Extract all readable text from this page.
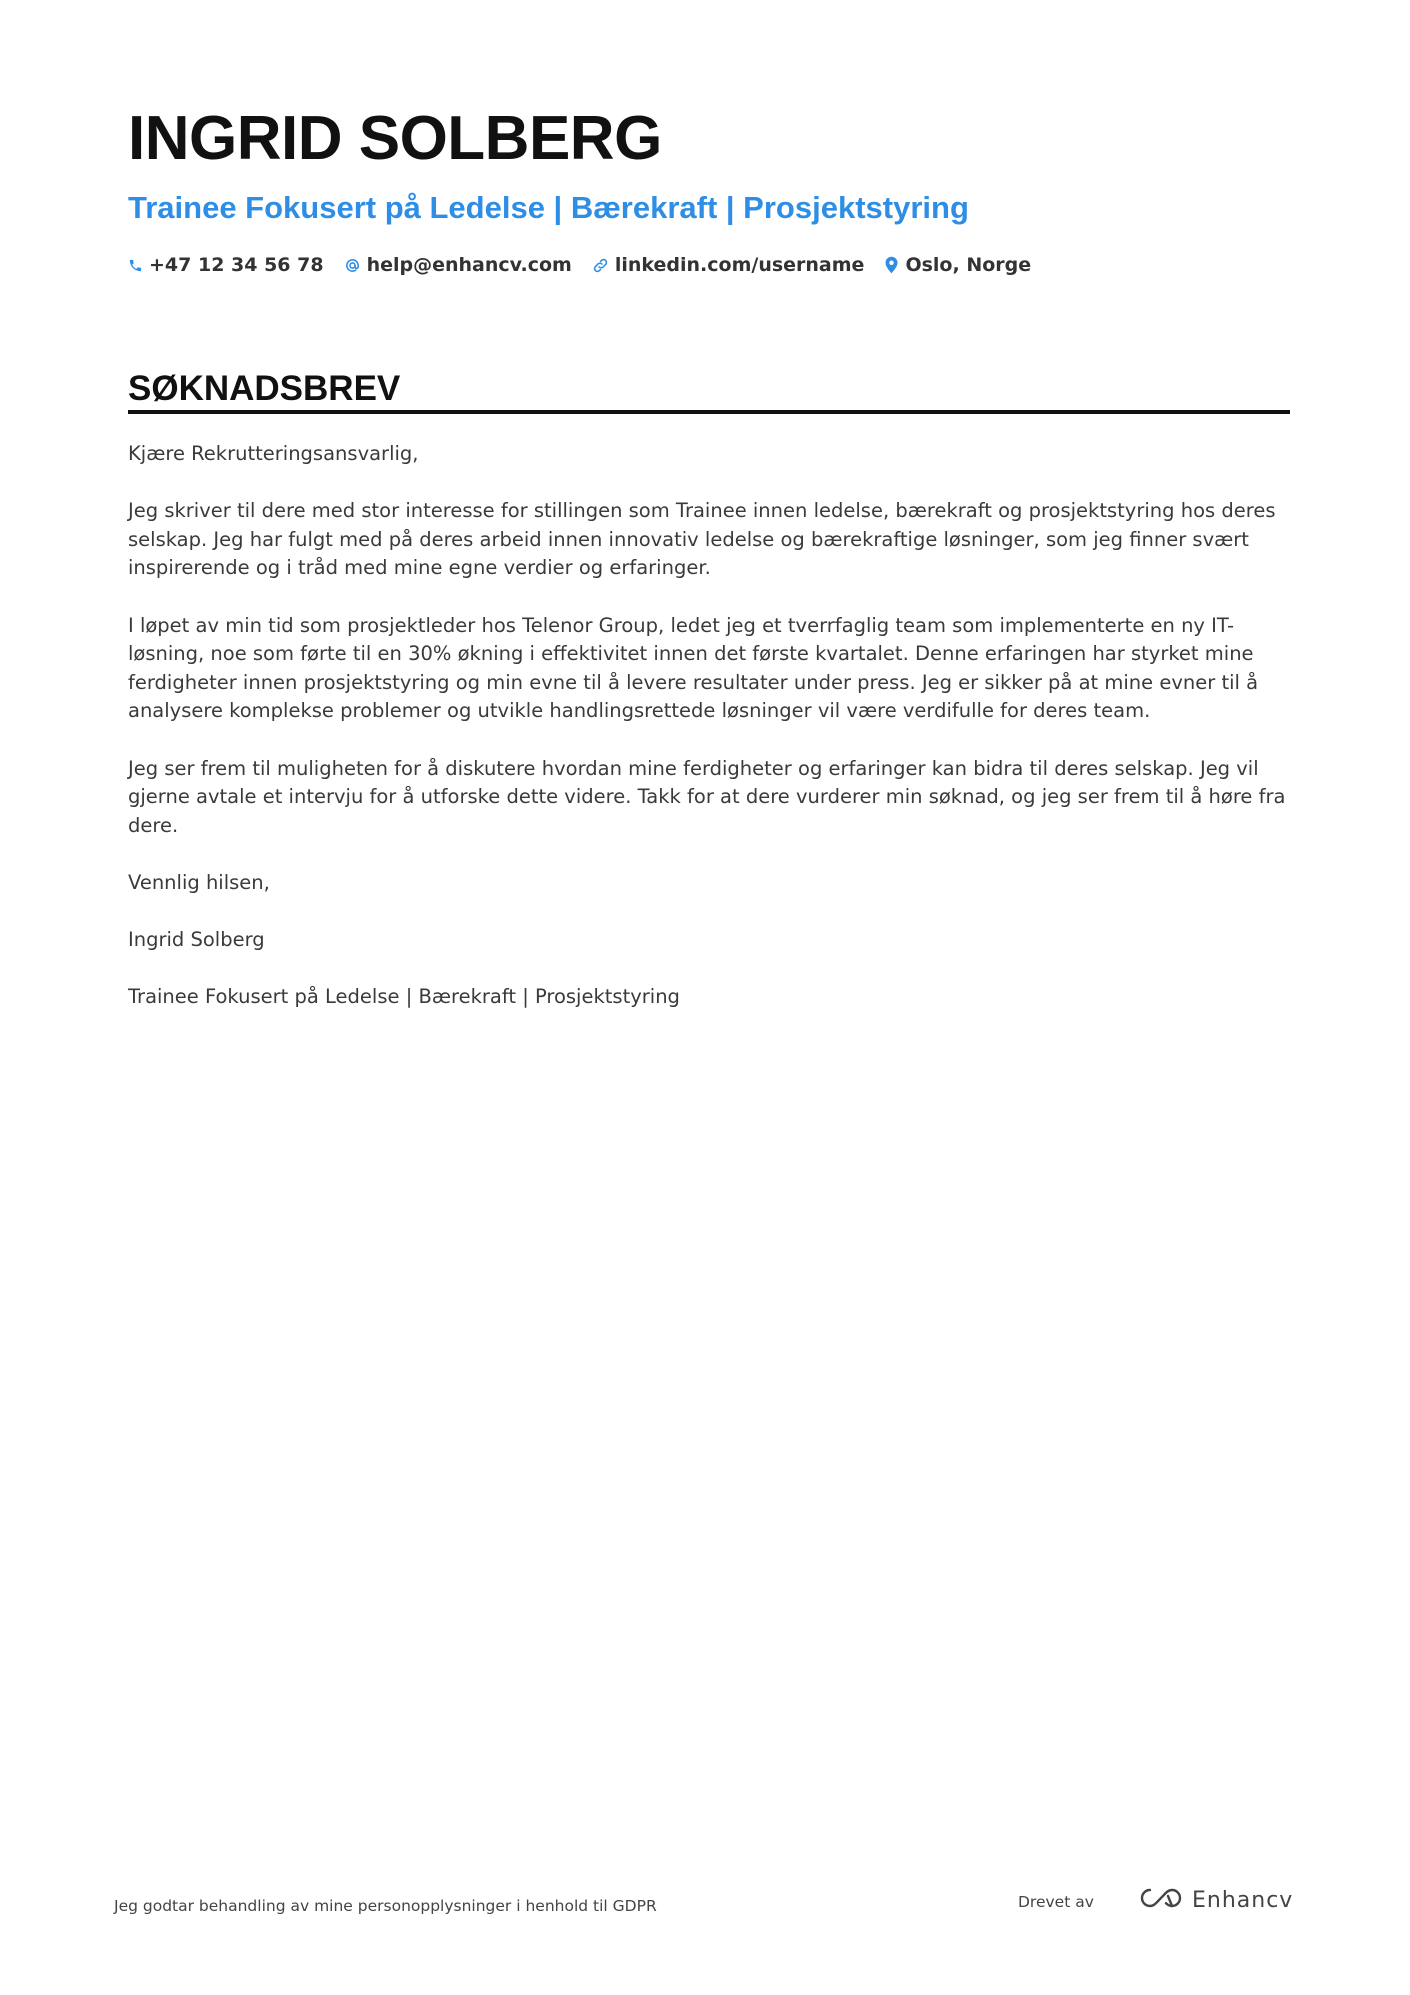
INGRID SOLBERG
Trainee Fokusert på Ledelse | Bærekraft | Prosjektstyring
+47 12 34 56 78 help@enhancv.com linkedin.com/username Oslo, Norge
SØKNADSBREV

Kjære Rekrutteringsansvarlig,

Jeg skriver til dere med stor interesse for stillingen som Trainee innen ledelse, bærekraft og prosjektstyring hos deres selskap. Jeg har fulgt med på deres arbeid innen innovativ ledelse og bærekraftige løsninger, som jeg finner svært inspirerende og i tråd med mine egne verdier og erfaringer.

I løpet av min tid som prosjektleder hos Telenor Group, ledet jeg et tverrfaglig team som implementerte en ny IT-løsning, noe som førte til en 30% økning i effektivitet innen det første kvartalet. Denne erfaringen har styrket mine ferdigheter innen prosjektstyring og min evne til å levere resultater under press. Jeg er sikker på at mine evner til å analysere komplekse problemer og utvikle handlingsrettede løsninger vil være verdifulle for deres team.

Jeg ser frem til muligheten for å diskutere hvordan mine ferdigheter og erfaringer kan bidra til deres selskap. Jeg vil gjerne avtale et intervju for å utforske dette videre. Takk for at dere vurderer min søknad, og jeg ser frem til å høre fra dere.

Vennlig hilsen,

Ingrid Solberg

Trainee Fokusert på Ledelse | Bærekraft | Prosjektstyring

Jeg godtar behandling av mine personopplysninger i henhold til GDPR	Drevet av	Enhancv
